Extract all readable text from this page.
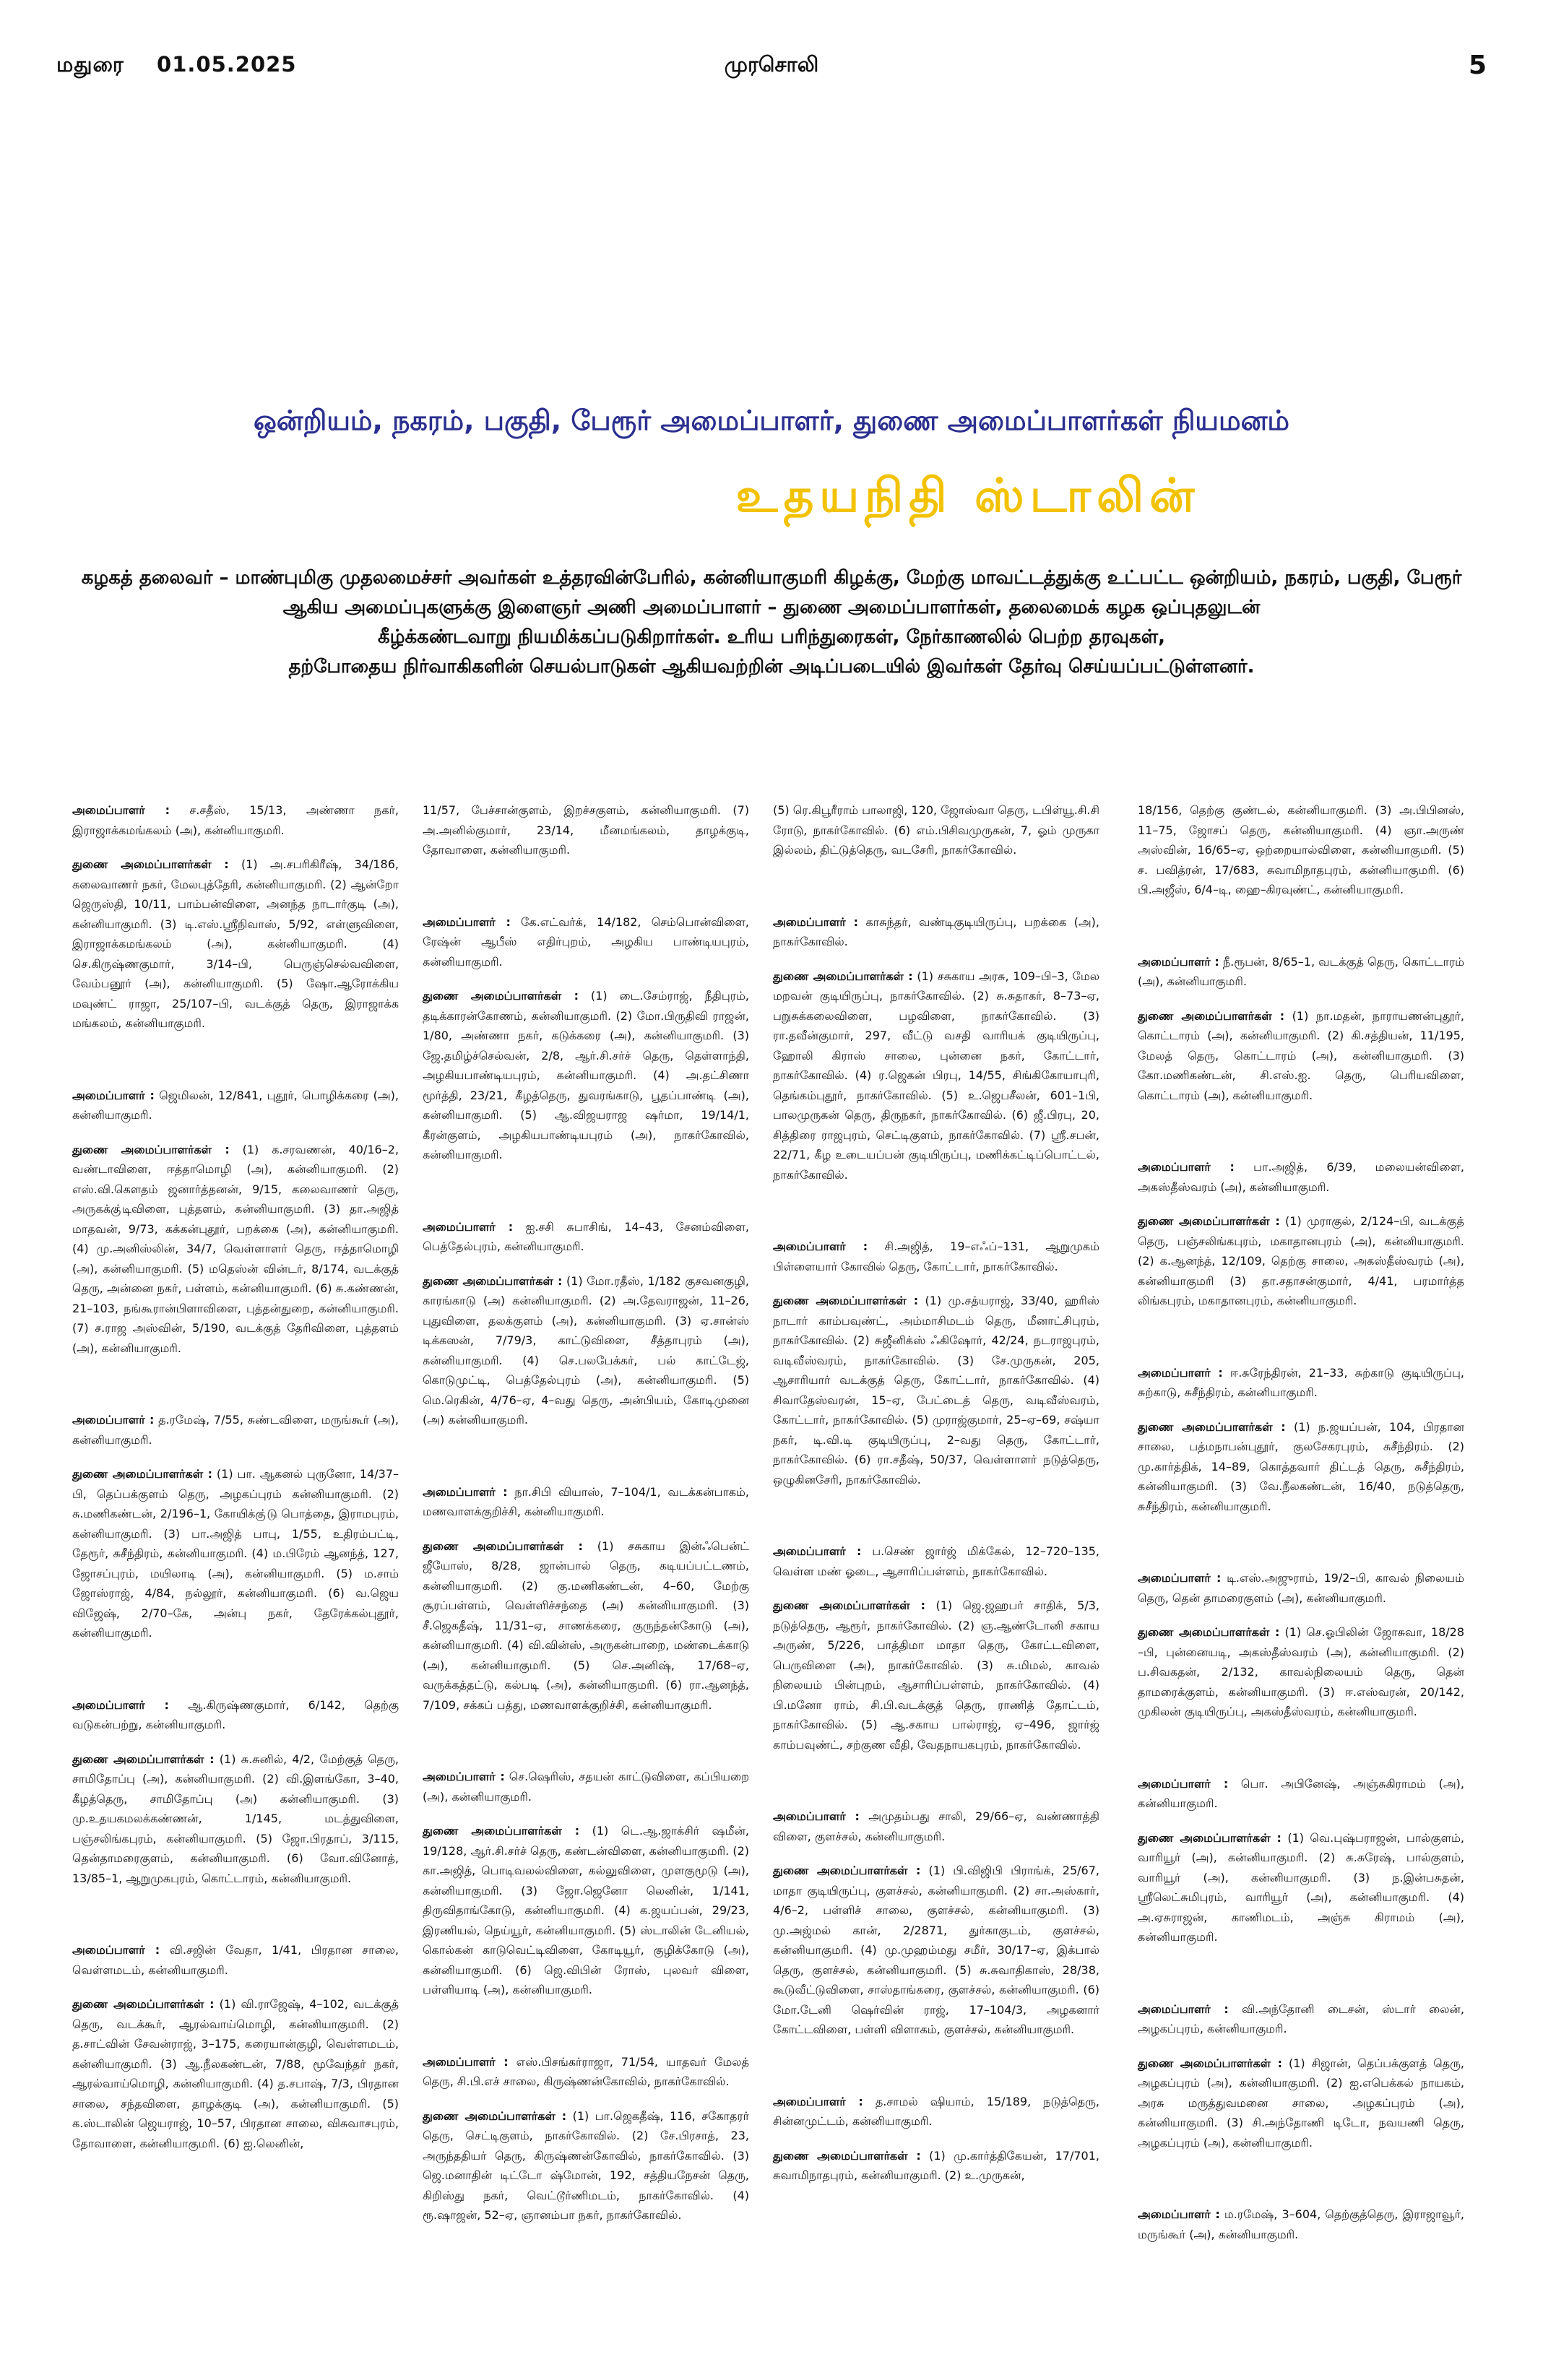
மதுரை 01.05.2025	முரசொலி	5
ஒன்றியம், நகரம், பகுதி, பேரூர் அமைப்பாளர், துணை அமைப்பாளர்கள் நியமனம்
உதயநிதி ஸ்டாலின்
கழகத் தலைவர் – மாண்புமிகு முதலமைச்சர் அவர்கள் உத்தரவின்பேரில், கன்னியாகுமரி கிழக்கு, மேற்கு மாவட்டத்துக்கு உட்பட்ட ஒன்றியம், நகரம், பகுதி, பேரூர்
ஆகிய அமைப்புகளுக்கு இளைஞர் அணி அமைப்பாளர் – துணை அமைப்பாளர்கள், தலைமைக் கழக ஒப்புதலுடன்
கீழ்க்கண்டவாறு நியமிக்கப்படுகிறார்கள். உரிய பரிந்துரைகள், நேர்காணலில் பெற்ற தரவுகள்,
தற்போதைய நிர்வாகிகளின் செயல்பாடுகள் ஆகியவற்றின் அடிப்படையில் இவர்கள் தேர்வு செய்யப்பட்டுள்ளனர்.

அமைப்பாளர் : ச.சதீஸ், 15/13, அண்ணா நகர், இராஜாக்கமங்கலம் (அ), கன்னியாகுமரி.

துணை அமைப்பாளர்கள் : (1) அ.சபரிகிரீஷ், 34/186, கலைவாணர் நகர், மேலபுத்தேரி, கன்னியாகுமரி. (2) ஆன்றோ ஜெருஸ்தி, 10/11, பாம்பன்விளை, அனந்த நாடார்குடி (அ), கன்னியாகுமரி. (3) டி.எஸ்.ஸ்ரீநிவாஸ், 5/92, எள்ளுவிளை, இராஜாக்கமங்கலம் (அ), கன்னியாகுமரி. (4) செ.கிருஷ்ணகுமார், 3/14–பி, பெருஞ்செல்வவிளை, வேம்பனூர் (அ), கன்னியாகுமரி. (5) ஷோ.ஆரோக்கிய மவுண்ட் ராஜா, 25/107–பி, வடக்குத் தெரு, இராஜாக்க மங்கலம், கன்னியாகுமரி.

அமைப்பாளர் : ஜெமிலன், 12/841, புதூர், பொழிக்கரை (அ), கன்னியாகுமரி.

துணை அமைப்பாளர்கள் : (1) க.சரவணன், 40/16–2, வண்டாவிளை, ஈத்தாமொழி (அ), கன்னியாகுமரி. (2) எஸ்.வி.கௌதம் ஜனார்த்தனன், 9/15, கலைவாணர் தெரு, அருகக்கு்டிவிளை, புத்தளம், கன்னியாகுமரி. (3) தா.அஜித் மாதவன், 9/73, கக்கன்புதூர், பறக்கை (அ), கன்னியாகுமரி. (4) மு.அனிஸ்லின், 34/7, வெள்ளாளர் தெரு, ஈத்தாமொழி (அ), கன்னியாகுமரி. (5) மதெஸ்ன் வின்டர், 8/174, வடக்குத் தெரு, அன்னை நகர், பள்ளம், கன்னியாகுமரி. (6) சு.கண்ணன், 21–103, நங்கூரான்பிளாவிளை, புத்தன்துறை, கன்னியாகுமரி. (7) ச.ராஜ அஸ்வின், 5/190, வடக்குத் தேரிவிளை, புத்தளம் (அ), கன்னியாகுமரி.

அமைப்பாளர் : த.ரமேஷ், 7/55, சுண்டவிளை, மருங்கூர் (அ), கன்னியாகுமரி.

துணை அமைப்பாளர்கள் : (1) பா. ஆகனல் புருனோ, 14/37–பி, தெப்பக்குளம் தெரு, அழகப்புரம் கன்னியாகுமரி. (2) சு.மணிகண்டன், 2/196–1, கோயிக்கு்டு பொத்தை, இராமபுரம், கன்னியாகுமரி. (3) பா.அஜித் பாபு, 1/55, உதிரம்பட்டி, தேரூர், சுசீந்திரம், கன்னியாகுமரி. (4) ம.பிரேம் ஆனந்த், 127, ஜோசப்புரம், மயிலாடி (அ), கன்னியாகுமரி. (5) ம.சாம் ஜோஸ்ராஜ், 4/84, நல்லூர், கன்னியாகுமரி. (6) வ.ஜெய விஜேஷ், 2/70–கே, அன்பு நகர், தேரேக்கல்புதூர், கன்னியாகுமரி.

அமைப்பாளர் : ஆ.கிருஷ்ணகுமார், 6/142, தெற்கு வடுகன்பற்று, கன்னியாகுமரி.

துணை அமைப்பாளர்கள் : (1) சு.சுனில், 4/2, மேற்குத் தெரு, சாமிதோப்பு (அ), கன்னியாகுமரி. (2) வி.இளங்கோ, 3–40, கீழத்தெரு, சாமிதோப்பு (அ) கன்னியாகுமரி. (3) மு.உதயகமலக்கண்ணன், 1/145, மடத்துவிளை, பஞ்சலிங்கபுரம், கன்னியாகுமரி. (5) ஜோ.பிரதாப், 3/115, தென்தாமரைகுளம், கன்னியாகுமரி. (6) வோ.வினோத், 13/85–1, ஆறுமுகபுரம், கொட்டாரம், கன்னியாகுமரி.

அமைப்பாளர் : வி.சஜின் வேதா, 1/41, பிரதான சாலை, வெள்ளமடம், கன்னியாகுமரி.

துணை அமைப்பாளர்கள் : (1) வி.ராஜேஷ், 4–102, வடக்குத் தெரு, வடக்கூர், ஆரல்வாய்மொழி, கன்னியாகுமரி. (2) த.சாட்வின் சேவன்ராஜ், 3–175, கரையான்குழி, வெள்ளமடம், கன்னியாகுமரி. (3) ஆ.நீலகண்டன், 7/88, மூவேந்தர் நகர், ஆரல்வாய்மொழி, கன்னியாகுமரி. (4) த.சபாஷ், 7/3, பிரதான சாலை, சந்தவிளை, தாழக்குடி (அ), கன்னியாகுமரி. (5) க.ஸ்டாலின் ஜெயராஜ், 10–57, பிரதான சாலை, விசுவாசபுரம், தோவாளை, கன்னியாகுமரி. (6) ஐ.லெனின்,

11/57, பேச்சான்குளம், இறச்சகுளம், கன்னியாகுமரி. (7) அ.அனில்குமார், 23/14, மீனமங்கலம், தாழக்குடி, தோவாளை, கன்னியாகுமரி.

அமைப்பாளர் : கே.எட்வர்க், 14/182, செம்பொன்விளை, ரேஷ்ன் ஆபீஸ் எதிர்புறம், அழகிய பாண்டியபுரம், கன்னியாகுமரி.

துணை அமைப்பாளர்கள் : (1) டை.சேம்ராஜ், நீதிபுரம், தடிக்காரன்கோணம், கன்னியாகுமரி. (2) மோ.பிருதிவி ராஜன், 1/80, அண்ணா நகர், கடுக்கரை (அ), கன்னியாகுமரி. (3) ஜே.தமிழ்ச்செல்வன், 2/8, ஆர்.சி.சர்ச் தெரு, தெள்ளாந்தி, அழகியபாண்டியபுரம், கன்னியாகுமரி. (4) அ.தட்சிணா மூர்த்தி, 23/21, கீழத்தெரு, துவரங்காடு, பூதப்பாண்டி (அ), கன்னியாகுமரி. (5) ஆ.விஜயராஜ ஷர்மா, 19/14/1, கீரன்குளம், அழகியபாண்டியபுரம் (அ), நாகர்கோவில், கன்னியாகுமரி.

அமைப்பாளர் : ஐ.சசி சுபாசிங், 14–43, சேனம்விளை, பெத்தேல்புரம், கன்னியாகுமரி.

துணை அமைப்பாளர்கள் : (1) மோ.ரதீஸ், 1/182 குசவனகுழி, காரங்காடு (அ) கன்னியாகுமரி. (2) அ.தேவராஜன், 11–26, புதுவிளை, தலக்குளம் (அ), கன்னியாகுமரி. (3) ஏ.சான்ஸ் டிக்கஸன், 7/79/3, காட்டுவிளை, சீத்தாபுரம் (அ), கன்னியாகுமரி. (4) செ.பலபேக்கர், பல் காட்டேஜ், கொடுமுட்டி, பெத்தேல்புரம் (அ), கன்னியாகுமரி. (5) மெ.ரெகின், 4/76–ஏ, 4–வது தெரு, அன்பியம், கோடிமுனை (அ) கன்னியாகுமரி.

அமைப்பாளர் : நா.சிபி வியாஸ், 7–104/1, வடக்கன்பாகம், மணவாளக்குறிச்சி, கன்னியாகுமரி.

துணை அமைப்பாளர்கள் : (1) சசுகாய இன்ஃபென்ட் ஜீயோஸ், 8/28, ஜான்பால் தெரு, கடியப்பட்டணம், கன்னியாகுமரி. (2) கு.மணிகண்டன், 4–60, மேற்கு சூரப்பள்ளம், வெள்ளிச்சந்தை (அ) கன்னியாகுமரி. (3) சீ.ஜெகதீஷ், 11/31–ஏ, சாணக்கரை, குருந்தன்கோடு (அ), கன்னியாகுமரி. (4) வி.வின்ஸ், அருகன்பாறை, மண்டைக்காடு (அ), கன்னியாகுமரி. (5) செ.அனிஷ், 17/68–ஏ, வருக்கத்தட்டு, கல்படி (அ), கன்னியாகுமரி. (6) ரா.ஆனந்த், 7/109, சக்கப் பத்து, மணவாளக்குறிச்சி, கன்னியாகுமரி.

அமைப்பாளர் : செ.ஷெரிஸ், சதயன் காட்டுவிளை, கப்பியறை (அ), கன்னியாகுமரி.

துணை அமைப்பாளர்கள் : (1) டெ.ஆ.ஜாக்சிர் ஷமீன், 19/128, ஆர்.சி.சர்ச் தெரு, கண்டன்விளை, கன்னியாகுமரி. (2) கா.அஜித், பொடிவலல்விளை, கல்லுவிளை, முளகுமூடு (அ), கன்னியாகுமரி. (3) ஜோ.ஜெனோ லெனின், 1/141, திருவிதாங்கோடு, கன்னியாகுமரி. (4) க.ஜயப்பன், 29/23, இரணியல், நெய்யூர், கன்னியாகுமரி. (5) ஸ்டாலின் டேனியல், கொல்கன் காடுவெட்டிவிளை, கோடியூர், குழிக்கோடு (அ), கன்னியாகுமரி. (6) ஜெ.விபின் ரோஸ், புலவர் விளை, பள்ளியாடி (அ), கன்னியாகுமரி.

அமைப்பாளர் : எஸ்.பிசங்கர்ராஜா, 71/54, யாதவர் மேலத் தெரு, சி.பி.எச் சாலை, கிருஷ்ணன்கோவில், நாகர்கோவில்.

துணை அமைப்பாளர்கள் : (1) பா.ஜெகதீஷ், 116, சகோதரர் தெரு, செட்டிகுளம், நாகர்கோவில். (2) சே.பிரசாத், 23, அருந்ததியர் தெரு, கிருஷ்ணன்கோவில், நாகர்கோவில். (3) ஜெ.மனாதின் டிட்டோ ஷ்மோன், 192, சத்தியநேசன் தெரு, கிறிஸ்து நகர், வெட்டூர்ணிமடம், நாகர்கோவில். (4) ரூ.ஷாஜன், 52–ஏ, ஞானம்பா நகர், நாகர்கோவில்.

(5) ரெ.கிபூரீராம் பாலாஜி, 120, ஜோஸ்வா தெரு, டபிள்யூ.சி.சி ரோடு, நாகர்கோவில். (6) எம்.பிசிவமுருகன், 7, ஓம் முருகா இல்லம், திட்டுத்தெரு, வடசேரி, நாகர்கோவில்.

அமைப்பாளர் : காசுந்தர், வண்டிகுடியிருப்பு, பறக்கை (அ), நாகர்கோவில்.

துணை அமைப்பாளர்கள் : (1) சசுகாய அரசு, 109–பி–3, மேல மறவன் குடியிருப்பு, நாகர்கோவில். (2) சு.சுதாகர், 8–73–ஏ, பறுசுக்கலைவிளை, பழவிளை, நாகர்கோவில். (3) ரா.தவீன்குமார், 297, வீட்டு வசதி வாரியக் குடியிருப்பு, ஹோலி கிராஸ் சாலை, புன்னை நகர், கோட்டார், நாகர்கோவில். (4) ர.ஜெகன் பிரபு, 14/55, சிங்கிகோயாபுரி, தெங்கம்புதூர், நாகர்கோவில். (5) உ.ஜெபசீலன், 601–1பி, பாலமுருகன் தெரு, திருநகர், நாகர்கோவில். (6) ஜீ.பிரபு, 20, சித்திரை ராஜபுரம், செட்டிகுளம், நாகர்கோவில். (7) ஸ்ரீ.சபன், 22/71, கீழ உடையப்பன் குடியிருப்பு, மணிக்கட்டிப்பொட்டல், நாகர்கோவில்.

அமைப்பாளர் : சி.அஜித், 19–எஃப்–131, ஆறுமுகம் பிள்ளையார் கோவில் தெரு, கோட்டார், நாகர்கோவில்.

துணை அமைப்பாளர்கள் : (1) மு.சத்யராஜ், 33/40, ஹரிஸ் நாடார் காம்பவுண்ட், அம்மாசிமடம் தெரு, மீனாட்சிபுரம், நாகர்கோவில். (2) சுஜீனிக்ஸ் ஃகிஷோர், 42/24, நடராஜபுரம், வடிவீஸ்வரம், நாகர்கோவில். (3) சே.முருகன், 205, ஆசாரியார் வடக்குத் தெரு, கோட்டார், நாகர்கோவில். (4) சிவாதேஸ்வரன், 15–ஏ, பேட்டைத் தெரு, வடிவீஸ்வரம், கோட்டார், நாகர்கோவில். (5) முராஜ்குமார், 25–ஏ–69, சஷ்யா நகர், டி.வி.டி குடியிருப்பு, 2–வது தெரு, கோட்டார், நாகர்கோவில். (6) ரா.சதீஷ், 50/37, வெள்ளாளர் நடுத்தெரு, ஒழுகினசேரி, நாகர்கோவில்.

அமைப்பாளர் : ப.செண் ஜார்ஜ் மிக்கேல், 12–720–135, வெள்ள மண் ஓடை, ஆசாரிப்பள்ளம், நாகர்கோவில்.

துணை அமைப்பாளர்கள் : (1) ஜெ.ஜஹபர் சாதிக், 5/3, நடுத்தெரு, ஆரூர், நாகர்கோவில். (2) ஞ.ஆண்டோனி சகாய அருண், 5/226, பாத்திமா மாதா தெரு, கோட்டவிளை, பெருவிளை (அ), நாகர்கோவில். (3) சு.மிமல், காவல் நிலையம் பின்புறம், ஆசாரிப்பள்ளம், நாகர்கோவில். (4) பி.மனோ ராம், சி.பி.வடக்குத் தெரு, ராணித் தோட்டம், நாகர்கோவில். (5) ஆ.சகாய பால்ராஜ், ஏ–496, ஜார்ஜ் காம்பவுண்ட், சற்குண வீதி, வேதநாயகபுரம், நாகர்கோவில்.

அமைப்பாளர் : அமுதம்பது சாலி, 29/66–ஏ, வண்ணாத்தி விளை, குளச்சல், கன்னியாகுமரி.

துணை அமைப்பாளர்கள் : (1) பி.விஜிபி பிராங்க், 25/67, மாதா குடியிருப்பு, குளச்சல், கன்னியாகுமரி. (2) சா.அஸ்கார், 4/6–2, பள்ளிச் சாலை, குளச்சல், கன்னியாகுமரி. (3) மு.அஜ்மல் கான், 2/2871, துர்காகுடம், குளச்சல், கன்னியாகுமரி. (4) மு.முஹம்மது சமீர், 30/17–ஏ, இக்பால் தெரு, குளச்சல், கன்னியாகுமரி. (5) சு.சுவாதிகாஸ், 28/38, கூடுவீட்டுவிளை, சாஸ்தாங்கரை, குளச்சல், கன்னியாகுமரி. (6) மோ.டேனி ஷெர்வின் ராஜ், 17–104/3, அழகனார் கோட்டவிளை, பள்ளி விளாகம், குளச்சல், கன்னியாகுமரி.

அமைப்பாளர் : த.சாமல் ஷியாம், 15/189, நடுத்தெரு, சின்னமுட்டம், கன்னியாகுமரி.

துணை அமைப்பாளர்கள் : (1) மு.கார்த்திகேயன், 17/701, சுவாமிநாதபுரம், கன்னியாகுமரி. (2) உ.முருகன்,

18/156, தெற்கு குண்டல், கன்னியாகுமரி. (3) அ.பிபினஸ், 11–75, ஜோசப் தெரு, கன்னியாகுமரி. (4) ஞா.அருண் அஸ்வின், 16/65–ஏ, ஒற்றையால்விளை, கன்னியாகுமரி. (5) ச. பவித்ரன், 17/683, சுவாமிநாதபுரம், கன்னியாகுமரி. (6) பி.அஜீஸ், 6/4–டி, ஹை–கிரவுண்ட், கன்னியாகுமரி.

அமைப்பாளர் : நீ.ரூபன், 8/65–1, வடக்குத் தெரு, கொட்டாரம் (அ), கன்னியாகுமரி.

துணை அமைப்பாளர்கள் : (1) நா.மதன், நாராயணன்புதூர், கொட்டாரம் (அ), கன்னியாகுமரி. (2) கி.சத்தியன், 11/195, மேலத் தெரு, கொட்டாரம் (அ), கன்னியாகுமரி. (3) கோ.மணிகண்டன், சி.எஸ்.ஐ. தெரு, பெரியவிளை, கொட்டாரம் (அ), கன்னியாகுமரி.

அமைப்பாளர் : பா.அஜித், 6/39, மலையன்விளை, அகஸ்தீஸ்வரம் (அ), கன்னியாகுமரி.

துணை அமைப்பாளர்கள் : (1) முராகுல், 2/124–பி, வடக்குத் தெரு, பஞ்சலிங்கபுரம், மகாதானபுரம் (அ), கன்னியாகுமரி. (2) க.ஆனந்த், 12/109, தெற்கு சாலை, அகஸ்தீஸ்வரம் (அ), கன்னியாகுமரி (3) தா.சதாசன்குமார், 4/41, பரமார்த்த லிங்கபுரம், மகாதானபுரம், கன்னியாகுமரி.

அமைப்பாளர் : ஈ.சுரேந்திரன், 21–33, சுற்காடு குடியிருப்பு, சுற்காடு, சுசீந்திரம், கன்னியாகுமரி.

துணை அமைப்பாளர்கள் : (1) ந.ஜயப்பன், 104, பிரதான சாலை, பத்மநாபன்புதூர், குலசேகரபுரம், சுசீந்திரம். (2) மு.கார்த்திக், 14–89, கொத்தவார் திட்டத் தெரு, சுசீந்திரம், கன்னியாகுமரி. (3) வே.நீலகண்டன், 16/40, நடுத்தெரு, சுசீந்திரம், கன்னியாகுமரி.

அமைப்பாளர் : டி.எஸ்.அஜுராம், 19/2–பி, காவல் நிலையம் தெரு, தென் தாமரைகுளம் (அ), கன்னியாகுமரி.

துணை அமைப்பாளர்கள் : (1) செ.ஓபிலின் ஜோசுவா, 18/28 –பி, புன்னையடி, அகஸ்தீஸ்வரம் (அ), கன்னியாகுமரி. (2) ப.சிவகதன், 2/132, காவல்நிலையம் தெரு, தென் தாமரைக்குளம், கன்னியாகுமரி. (3) ஈ.எஸ்வரன், 20/142, முகிலன் குடியிருப்பு, அகஸ்தீஸ்வரம், கன்னியாகுமரி.

அமைப்பாளர் : பொ. அபினேஷ், அஞ்சுகிராமம் (அ), கன்னியாகுமரி.

துணை அமைப்பாளர்கள் : (1) வெ.புஷ்பராஜன், பால்குளம், வாரியூர் (அ), கன்னியாகுமரி. (2) சு.சுரேஷ், பால்குளம், வாரியூர் (அ), கன்னியாகுமரி. (3) ந.இன்பசுதன், ஸ்ரீலெட்சுமிபுரம், வாரியூர் (அ), கன்னியாகுமரி. (4) அ.ஏசுராஜன், காணிமடம், அஞ்சு கிராமம் (அ), கன்னியாகுமரி.

அமைப்பாளர் : வி.அந்தோனி டைசன், ஸ்டார் லைன், அழகப்புரம், கன்னியாகுமரி.

துணை அமைப்பாளர்கள் : (1) சிஜான், தெப்பக்குளத் தெரு, அழகப்புரம் (அ), கன்னியாகுமரி. (2) ஐ.எபெக்கல் நாயகம், அரசு மருத்துவமனை சாலை, அழகப்புரம் (அ), கன்னியாகுமரி. (3) சி.அந்தோணி டிடோ, நவயணி தெரு, அழகப்புரம் (அ), கன்னியாகுமரி.

அமைப்பாளர் : ம.ரமேஷ், 3–604, தெற்குத்தெரு, இராஜாவூர், மருங்கூர் (அ), கன்னியாகுமரி.
